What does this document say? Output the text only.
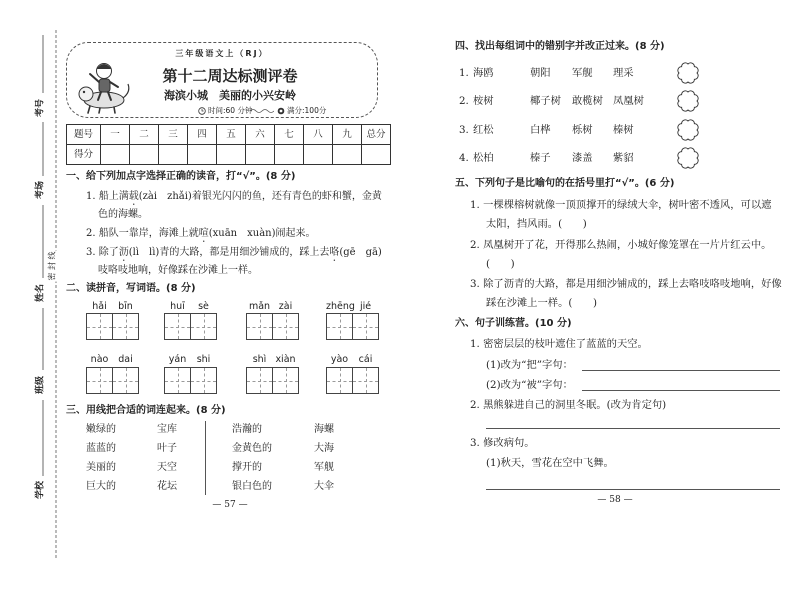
考号
考场
密 封 线
姓名
班级
学校
三年级语文上（RJ）
第十二周达标测评卷
海滨小城　美丽的小兴安岭
时间:60 分钟	满分:100分
题号	一	二	三	四	五	六	七	八	九	总分
得分										
一、给下列加点字选择正确的读音，打“√”。(8 分)
1. 船上满载(zài　zhǎi)着银光闪闪的鱼，还有青色的虾和蟹，金黄
色的海螺。
2. 船队一靠岸，海滩上就喧(xuān　xuàn)闹起来。
3. 除了沥(lì　lì)青的大路，都是用细沙铺成的，踩上去咯(gē　gā)
吱咯吱地响，好像踩在沙滩上一样。
二、读拼音，写词语。(8 分)
hǎi	bīn	huī	sè	mǎn zài	zhēng jié
nào	dai	yán	shi	shì xiàn	yào	cái
三、用线把合适的词连起来。(8 分)
嫩绿的
蓝蓝的
美丽的
巨大的
宝库
叶子
天空
花坛
浩瀚的
金黄色的
撑开的
银白色的
海螺
大海
军舰
大伞
— 57 —
四、找出每组词中的错别字并改正过来。(8 分)
1. 海鸥	朝阳 军舰 理采
2. 桉树	椰子树 敢榄树 凤凰树
3. 红松	白桦 栎树 榛树
4. 松柏	榛子 漆盖 紫貂
五、下列句子是比喻句的在括号里打“√”。(6 分)
1. 一棵棵榕树就像一顶顶撑开的绿绒大伞，树叶密不透风，可以遮
太阳，挡风雨。(　　)
2. 凤凰树开了花，开得那么热闹，小城好像笼罩在一片片红云中。
(　　)
3. 除了沥青的大路，都是用细沙铺成的，踩上去咯吱咯吱地响，好像
踩在沙滩上一样。(　　)
六、句子训练营。(10 分)
1. 密密层层的枝叶遮住了蓝蓝的天空。
(1)改为“把”字句：
(2)改为“被”字句：
2. 黑熊躲进自己的洞里冬眠。(改为肯定句)
3. 修改病句。
(1)秋天，雪花在空中飞舞。
— 58 —
